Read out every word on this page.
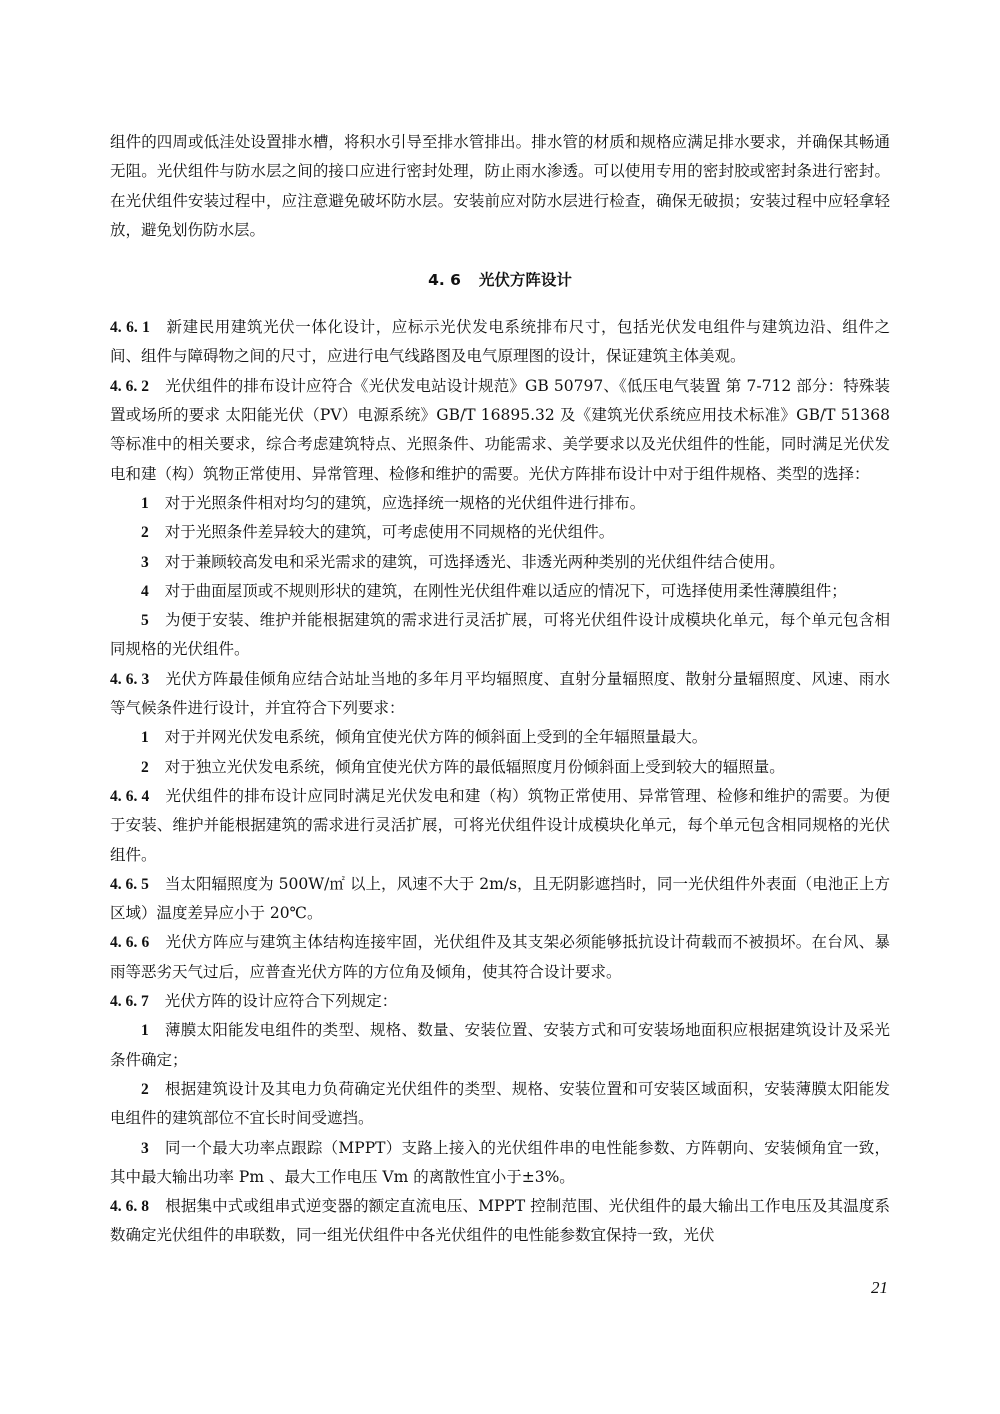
组件的四周或低洼处设置排水槽，将积水引导至排水管排出。排水管的材质和规格应满足排水要求，并确保其畅通无阻。光伏组件与防水层之间的接口应进行密封处理，防止雨水渗透。可以使用专用的密封胶或密封条进行密封。在光伏组件安装过程中，应注意避免破坏防水层。安装前应对防水层进行检查，确保无破损；安装过程中应轻拿轻放，避免划伤防水层。

4. 6 光伏方阵设计

4. 6. 1 新建民用建筑光伏一体化设计，应标示光伏发电系统排布尺寸，包括光伏发电组件与建筑边沿、组件之间、组件与障碍物之间的尺寸，应进行电气线路图及电气原理图的设计，保证建筑主体美观。

4. 6. 2 光伏组件的排布设计应符合《光伏发电站设计规范》GB 50797、《低压电气装置 第 7-712 部分：特殊装置或场所的要求 太阳能光伏（PV）电源系统》GB/T 16895.32 及《建筑光伏系统应用技术标准》GB/T 51368 等标准中的相关要求，综合考虑建筑特点、光照条件、功能需求、美学要求以及光伏组件的性能，同时满足光伏发电和建（构）筑物正常使用、异常管理、检修和维护的需要。光伏方阵排布设计中对于组件规格、类型的选择：

1 对于光照条件相对均匀的建筑，应选择统一规格的光伏组件进行排布。

2 对于光照条件差异较大的建筑，可考虑使用不同规格的光伏组件。

3 对于兼顾较高发电和采光需求的建筑，可选择透光、非透光两种类别的光伏组件结合使用。

4 对于曲面屋顶或不规则形状的建筑，在刚性光伏组件难以适应的情况下，可选择使用柔性薄膜组件；

5 为便于安装、维护并能根据建筑的需求进行灵活扩展，可将光伏组件设计成模块化单元，每个单元包含相同规格的光伏组件。

4. 6. 3 光伏方阵最佳倾角应结合站址当地的多年月平均辐照度、直射分量辐照度、散射分量辐照度、风速、雨水等气候条件进行设计，并宜符合下列要求：

1 对于并网光伏发电系统，倾角宜使光伏方阵的倾斜面上受到的全年辐照量最大。

2 对于独立光伏发电系统，倾角宜使光伏方阵的最低辐照度月份倾斜面上受到较大的辐照量。

4. 6. 4 光伏组件的排布设计应同时满足光伏发电和建（构）筑物正常使用、异常管理、检修和维护的需要。为便于安装、维护并能根据建筑的需求进行灵活扩展，可将光伏组件设计成模块化单元，每个单元包含相同规格的光伏组件。

4. 6. 5 当太阳辐照度为 500W/㎡ 以上，风速不大于 2m/s，且无阴影遮挡时，同一光伏组件外表面（电池正上方区域）温度差异应小于 20℃。

4. 6. 6 光伏方阵应与建筑主体结构连接牢固，光伏组件及其支架必须能够抵抗设计荷载而不被损坏。在台风、暴雨等恶劣天气过后，应普查光伏方阵的方位角及倾角，使其符合设计要求。

4. 6. 7 光伏方阵的设计应符合下列规定：

1 薄膜太阳能发电组件的类型、规格、数量、安装位置、安装方式和可安装场地面积应根据建筑设计及采光条件确定；

2 根据建筑设计及其电力负荷确定光伏组件的类型、规格、安装位置和可安装区域面积，安装薄膜太阳能发电组件的建筑部位不宜长时间受遮挡。

3 同一个最大功率点跟踪（MPPT）支路上接入的光伏组件串的电性能参数、方阵朝向、安装倾角宜一致，其中最大输出功率 Pm 、最大工作电压 Vm 的离散性宜小于±3%。

4. 6. 8 根据集中式或组串式逆变器的额定直流电压、MPPT 控制范围、光伏组件的最大输出工作电压及其温度系数确定光伏组件的串联数，同一组光伏组件中各光伏组件的电性能参数宜保持一致，光伏

21
